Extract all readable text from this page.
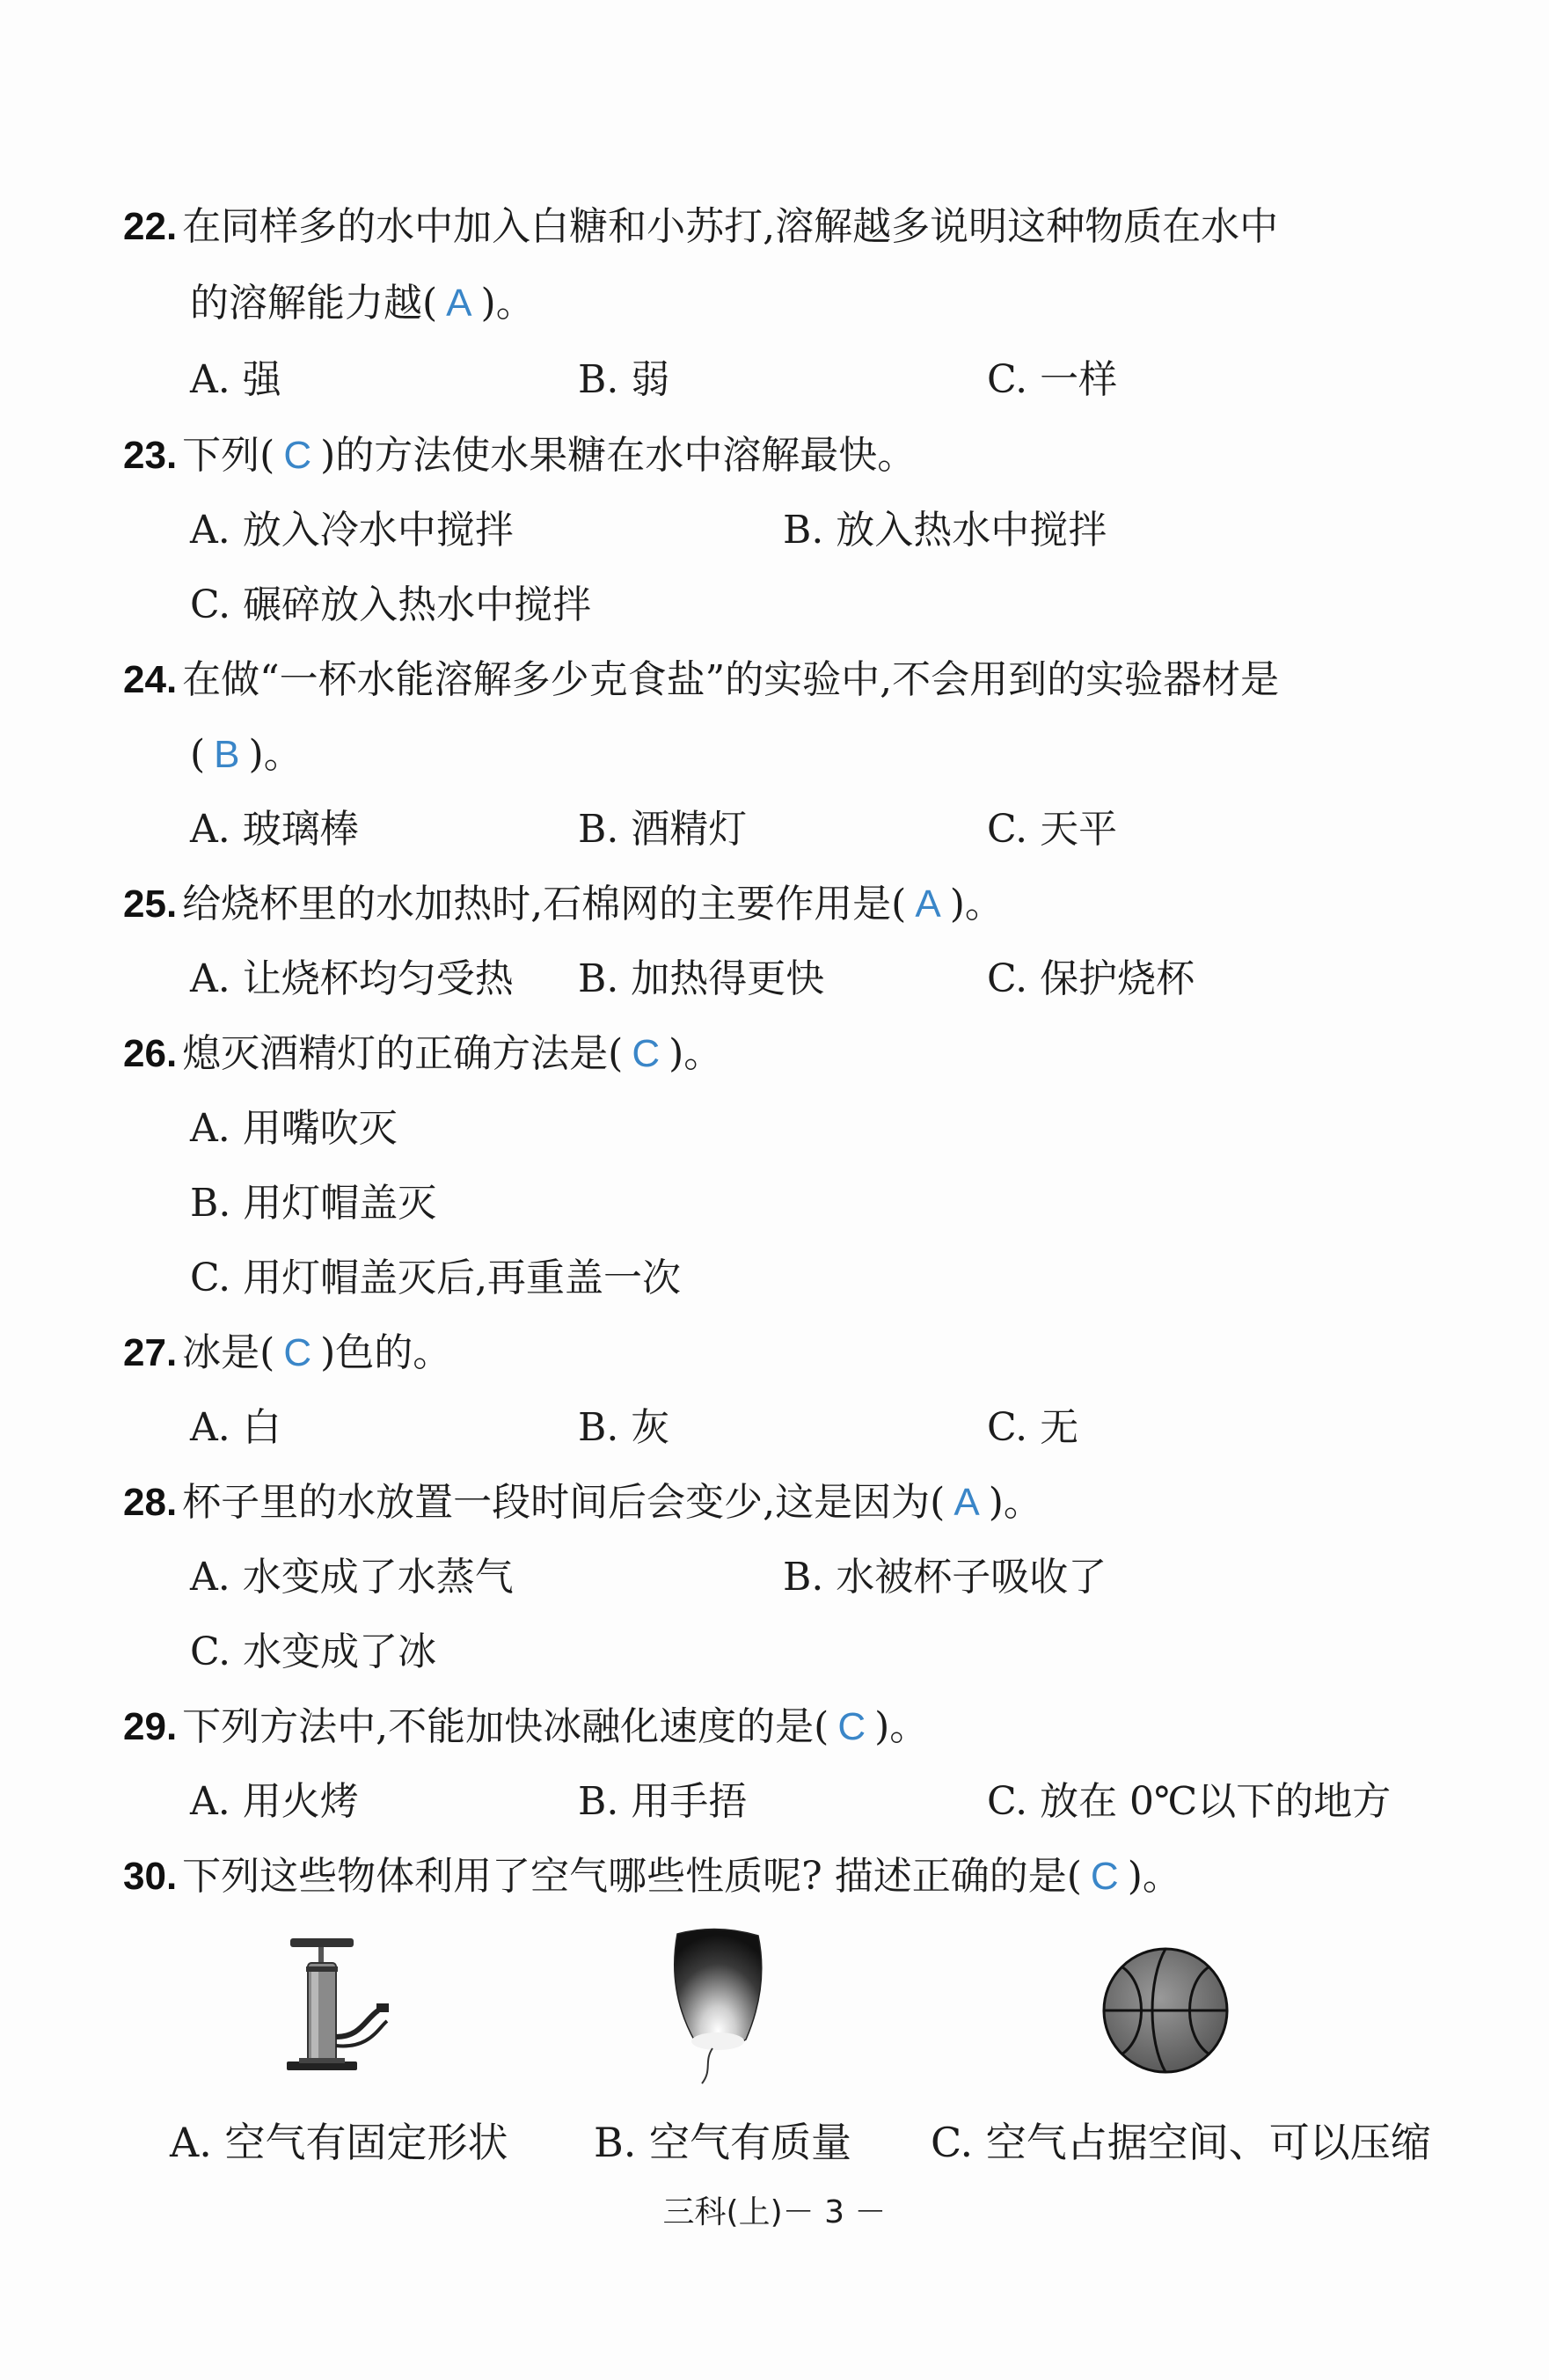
22. 在同样多的水中加入白糖和小苏打,溶解越多说明这种物质在水中
的溶解能力越( A )。
A. 强	B. 弱	C. 一样
23. 下列( C )的方法使水果糖在水中溶解最快。
A. 放入冷水中搅拌	B. 放入热水中搅拌
C. 碾碎放入热水中搅拌
24. 在做“一杯水能溶解多少克食盐”的实验中,不会用到的实验器材是
( B )。
A. 玻璃棒	B. 酒精灯	C. 天平
25. 给烧杯里的水加热时,石棉网的主要作用是( A )。
A. 让烧杯均匀受热 B. 加热得更快	C. 保护烧杯
26. 熄灭酒精灯的正确方法是( C )。
A. 用嘴吹灭
B. 用灯帽盖灭
C. 用灯帽盖灭后,再重盖一次
27. 冰是( C )色的。
A. 白	B. 灰	C. 无
28. 杯子里的水放置一段时间后会变少,这是因为( A )。
A. 水变成了水蒸气	B. 水被杯子吸收了
C. 水变成了冰
29. 下列方法中,不能加快冰融化速度的是( C )。
A. 用火烤	B. 用手捂	C. 放在 0℃以下的地方
30. 下列这些物体利用了空气哪些性质呢? 描述正确的是( C )。
A. 空气有固定形状 B. 空气有质量 C. 空气占据空间、可以压缩
三科(上)－ 3 －
